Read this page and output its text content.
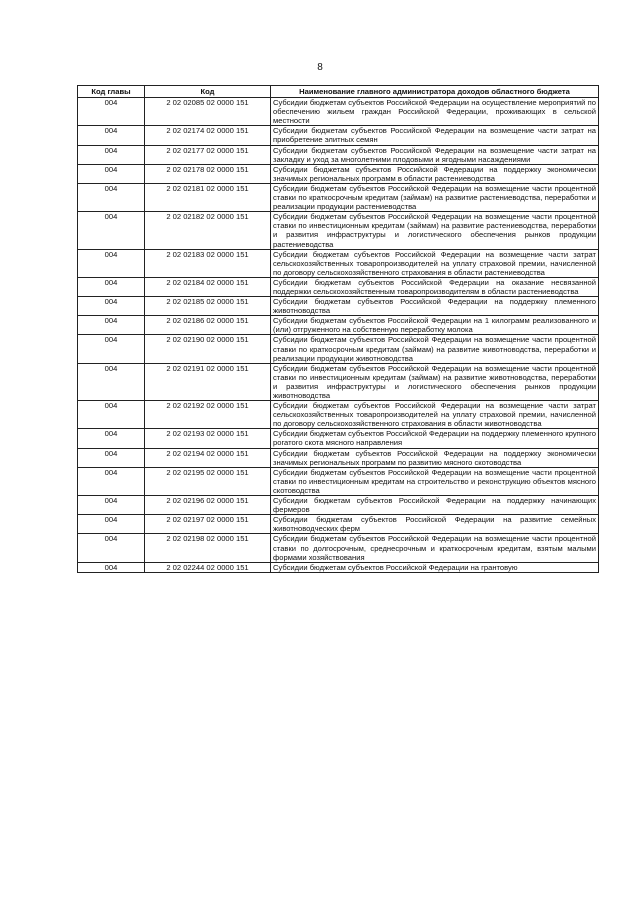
8
Код главы	Код	Наименование главного администратора доходов областного бюджета
004	2 02 02085 02 0000 151	Субсидии бюджетам субъектов Российской Федерации на осуществление мероприятий по обеспечению жильем граждан Российской Федерации, проживающих в сельской местности
004	2 02 02174 02 0000 151	Субсидии бюджетам субъектов Российской Федерации на возмещение части затрат на приобретение элитных семян
004	2 02 02177 02 0000 151	Субсидии бюджетам субъектов Российской Федерации на возмещение части затрат на закладку и уход за многолетними плодовыми и ягодными насаждениями
004	2 02 02178 02 0000 151	Субсидии бюджетам субъектов Российской Федерации на поддержку экономически значимых региональных программ в области растениеводства
004	2 02 02181 02 0000 151	Субсидии бюджетам субъектов Российской Федерации на возмещение части процентной ставки по краткосрочным кредитам (займам) на развитие растениеводства, переработки и реализации продукции растениеводства
004	2 02 02182 02 0000 151	Субсидии бюджетам субъектов Российской Федерации на возмещение части процентной ставки по инвестиционным кредитам (займам) на развитие растениеводства, переработки и развития инфраструктуры и логистического обеспечения рынков продукции растениеводства
004	2 02 02183 02 0000 151	Субсидии бюджетам субъектов Российской Федерации на возмещение части затрат сельскохозяйственных товаропроизводителей на уплату страховой премии, начисленной по договору сельскохозяйственного страхования в области растениеводства
004	2 02 02184 02 0000 151	Субсидии бюджетам субъектов Российской Федерации на оказание несвязанной поддержки сельскохозяйственным товаропроизводителям в области растениеводства
004	2 02 02185 02 0000 151	Субсидии бюджетам субъектов Российской Федерации на поддержку племенного животноводства
004	2 02 02186 02 0000 151	Субсидии бюджетам субъектов Российской Федерации на 1 килограмм реализованного и (или) отгруженного на собственную переработку молока
004	2 02 02190 02 0000 151	Субсидии бюджетам субъектов Российской Федерации на возмещение части процентной ставки по краткосрочным кредитам (займам) на развитие животноводства, переработки и реализации продукции животноводства
004	2 02 02191 02 0000 151	Субсидии бюджетам субъектов Российской Федерации на возмещение части процентной ставки по инвестиционным кредитам (займам) на развитие животноводства, переработки и развития инфраструктуры и логистического обеспечения рынков продукции животноводства
004	2 02 02192 02 0000 151	Субсидии бюджетам субъектов Российской Федерации на возмещение части затрат сельскохозяйственных товаропроизводителей на уплату страховой премии, начисленной по договору сельскохозяйственного страхования в области животноводства
004	2 02 02193 02 0000 151	Субсидии бюджетам субъектов Российской Федерации на поддержку племенного крупного рогатого скота мясного направления
004	2 02 02194 02 0000 151	Субсидии бюджетам субъектов Российской Федерации на поддержку экономически значимых региональных программ по развитию мясного скотоводства
004	2 02 02195 02 0000 151	Субсидии бюджетам субъектов Российской Федерации на возмещение части процентной ставки по инвестиционным кредитам на строительство и реконструкцию объектов мясного скотоводства
004	2 02 02196 02 0000 151	Субсидии бюджетам субъектов Российской Федерации на поддержку начинающих фермеров
004	2 02 02197 02 0000 151	Субсидии бюджетам субъектов Российской Федерации на развитие семейных животноводческих ферм
004	2 02 02198 02 0000 151	Субсидии бюджетам субъектов Российской Федерации на возмещение части процентной ставки по долгосрочным, среднесрочным и краткосрочным кредитам, взятым малыми формами хозяйствования
004	2 02 02244 02 0000 151	Субсидии бюджетам субъектов Российской Федерации на грантовую
